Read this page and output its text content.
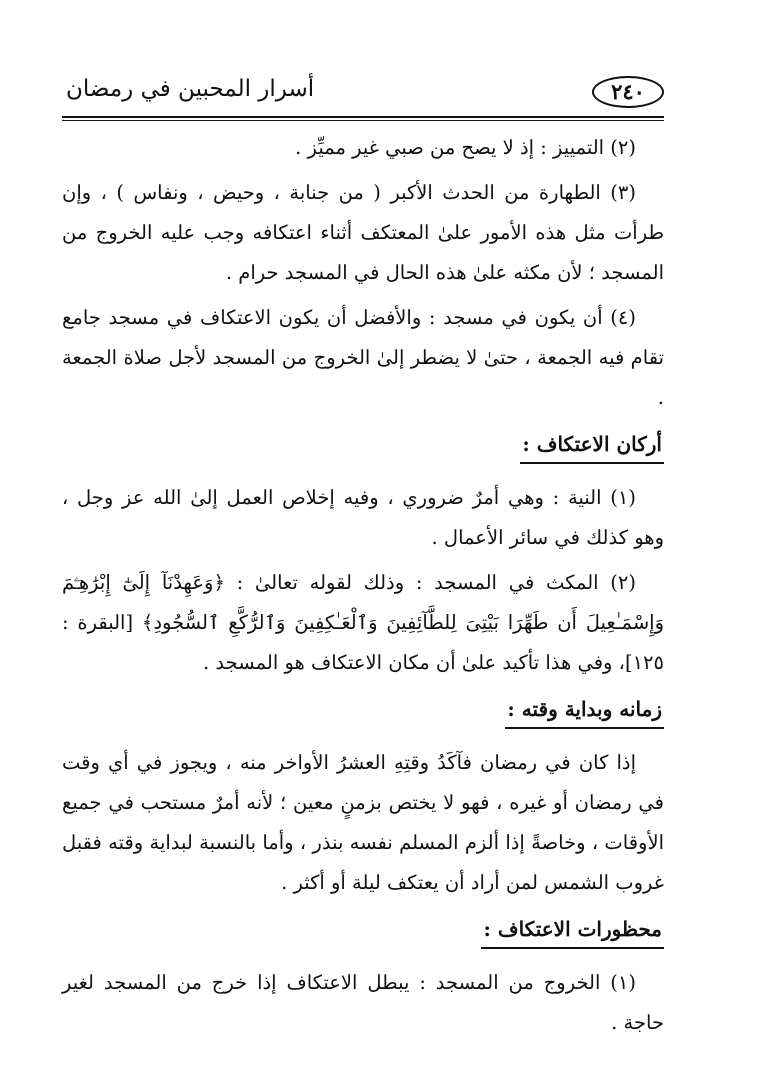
أسرار المحبين في رمضان	٢٤٠

(٢) التمييز : إذ لا يصح من صبي غير مميِّز .

(٣) الطهارة من الحدث الأكبر ( من جنابة ، وحيض ، ونفاس ) ، وإن طرأت مثل هذه الأمور علىٰ المعتكف أثناء اعتكافه وجب عليه الخروج من المسجد ؛ لأن مكثه علىٰ هذه الحال في المسجد حرام .

(٤) أن يكون في مسجد : والأفضل أن يكون الاعتكاف في مسجد جامع تقام فيه الجمعة ، حتىٰ لا يضطر إلىٰ الخروج من المسجد لأجل صلاة الجمعة .

أركان الاعتكاف :

(١) النية : وهي أمرٌ ضروري ، وفيه إخلاص العمل إلىٰ الله عز وجل ، وهو كذلك في سائر الأعمال .

(٢) المكث في المسجد : وذلك لقوله تعالىٰ : ﴿وَعَهِدْنَآ إِلَىٰٓ إِبْرَٰهِـۧمَ وَإِسْمَـٰعِيلَ أَن طَهِّرَا بَيْتِىَ لِلطَّآئِفِينَ وَٱلْعَـٰكِفِينَ وَٱلرُّكَّعِ ٱلسُّجُودِ﴾ [البقرة : ١٢٥]، وفي هذا تأكيد علىٰ أن مكان الاعتكاف هو المسجد .

زمانه وبداية وقته :

إذا كان في رمضان فآكَدُ وقتِهِ العشرُ الأواخر منه ، ويجوز في أي وقت في رمضان أو غيره ، فهو لا يختص بزمنٍ معين ؛ لأنه أمرٌ مستحب في جميع الأوقات ، وخاصةً إذا ألزم المسلم نفسه بنذر ، وأما بالنسبة لبداية وقته فقبل غروب الشمس لمن أراد أن يعتكف ليلة أو أكثر .

محظورات الاعتكاف :

(١) الخروج من المسجد : يبطل الاعتكاف إذا خرج من المسجد لغير حاجة .
